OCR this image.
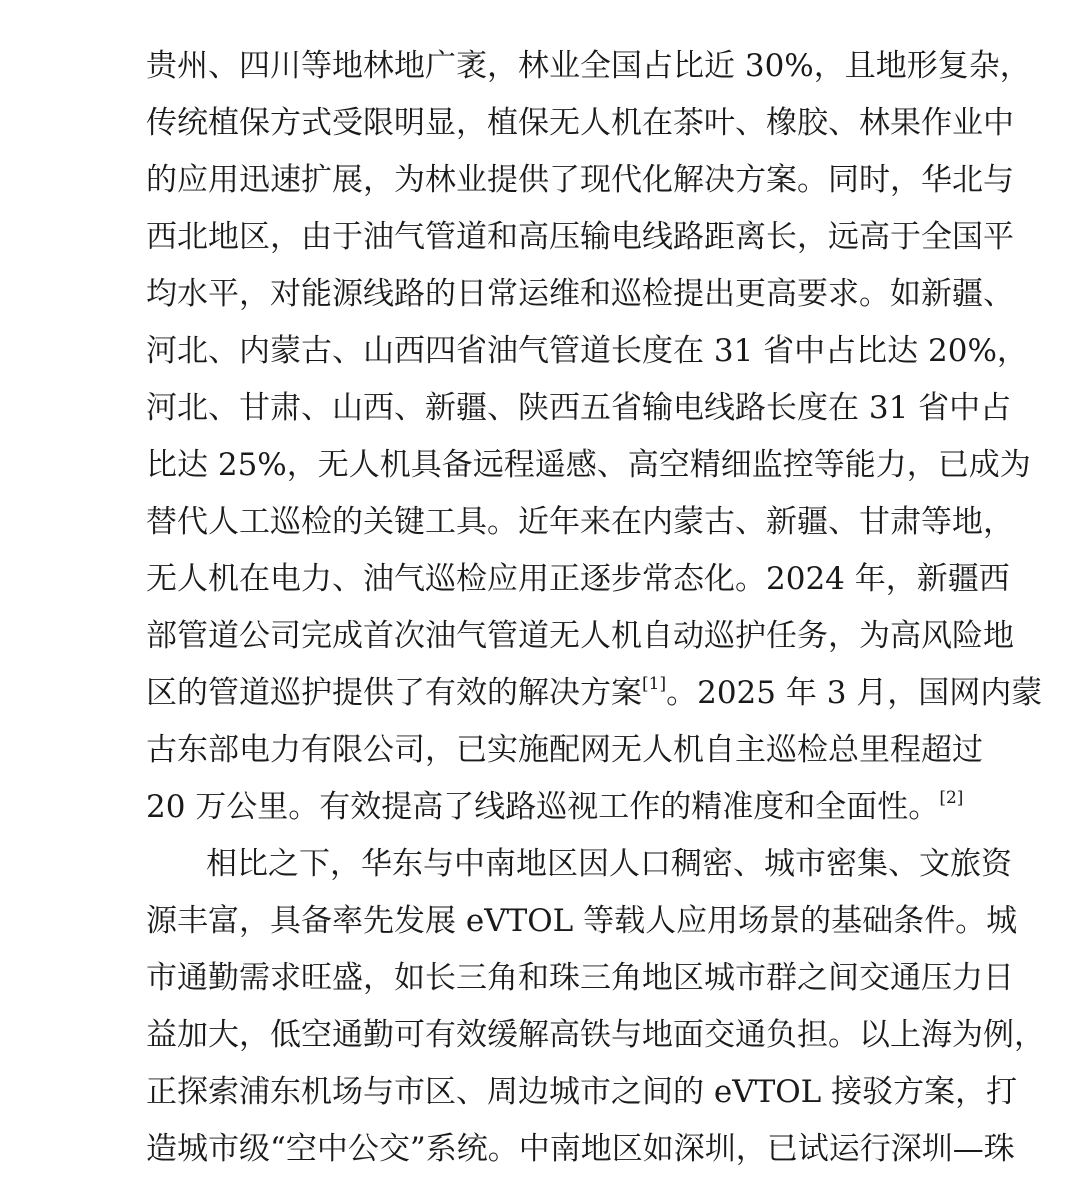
贵州、四川等地林地广袤，林业全国占比近 30%，且地形复杂，
传统植保方式受限明显，植保无人机在茶叶、橡胶、林果作业中
的应用迅速扩展，为林业提供了现代化解决方案。同时，华北与
西北地区，由于油气管道和高压输电线路距离长，远高于全国平
均水平，对能源线路的日常运维和巡检提出更高要求。如新疆、
河北、内蒙古、山西四省油气管道长度在 31 省中占比达 20%，
河北、甘肃、山西、新疆、陕西五省输电线路长度在 31 省中占
比达 25%，无人机具备远程遥感、高空精细监控等能力，已成为
替代人工巡检的关键工具。近年来在内蒙古、新疆、甘肃等地，
无人机在电力、油气巡检应用正逐步常态化。2024 年，新疆西
部管道公司完成首次油气管道无人机自动巡护任务，为高风险地
区的管道巡护提供了有效的解决方案[1]。2025 年 3 月，国网内蒙
古东部电力有限公司，已实施配网无人机自主巡检总里程超过
20 万公里。有效提高了线路巡视工作的精准度和全面性。[2]
相比之下，华东与中南地区因人口稠密、城市密集、文旅资
源丰富，具备率先发展 eVTOL 等载人应用场景的基础条件。城
市通勤需求旺盛，如长三角和珠三角地区城市群之间交通压力日
益加大，低空通勤可有效缓解高铁与地面交通负担。以上海为例，
正探索浦东机场与市区、周边城市之间的 eVTOL 接驳方案，打
造城市级“空中公交”系统。中南地区如深圳，已试运行深圳—珠
